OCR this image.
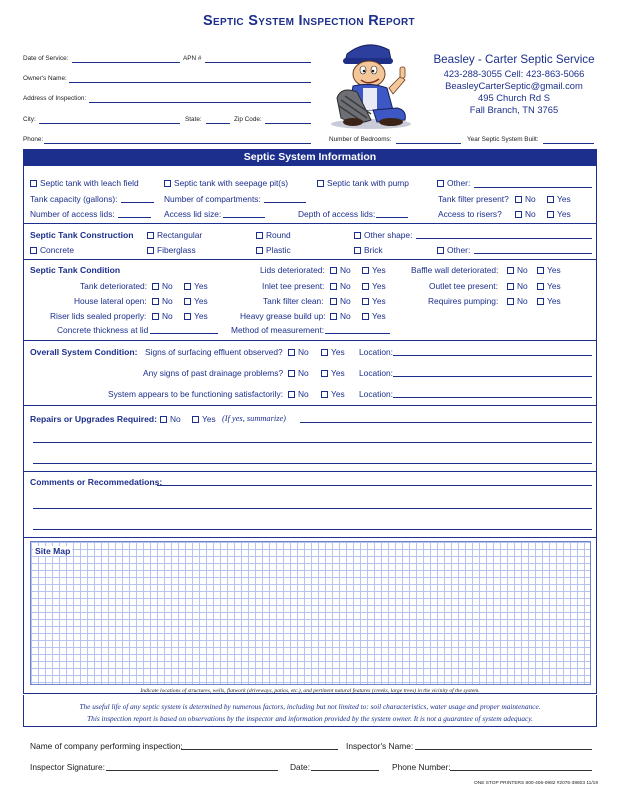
Septic System Inspection Report
Date of Service:	APN #
Owner's Name:
Address of Inspection:
City:	State:	Zip Code:
Phone:	Number of Bedrooms:	Year Septic System Built:
Beasley - Carter Septic Service
423-288-3055 Cell: 423-863-5066
BeasleyCarterSeptic@gmail.com
495 Church Rd S
Fall Branch, TN 3765
Septic System Information
Septic tank with leach field	Septic tank with seepage pit(s)	Septic tank with pump	Other:
Tank capacity (gallons):	Number of compartments:	Tank filter present?	No	Yes
Number of access lids:	Access lid size:	Depth of access lids:	Access to risers?	No	Yes
Septic Tank Construction	Rectangular	Round	Other shape:
Concrete	Fiberglass	Plastic	Brick	Other:
Septic Tank Condition	Lids deteriorated:	No	Yes	Baffle wall deteriorated:	No	Yes
Tank deteriorated:	No	Yes	Inlet tee present:	No	Yes	Outlet tee present:	No	Yes
House lateral open:	No	Yes	Tank filter clean:	No	Yes	Requires pumping:	No	Yes
Riser lids sealed properly:	No	Yes	Heavy grease build up:	No	Yes
Concrete thickness at lid	Method of measurement:
Overall System Condition: Signs of surfacing effluent observed?	No	Yes Location:
Any signs of past drainage problems?	No	Yes Location:
System appears to be functioning satisfactorily:	No	Yes Location:
Repairs or Upgrades Required:	No	Yes (If yes, summarize)
Comments or Recommedations:
Site Map
Indicate locations of structures, wells, flatwork (driveways, patios, etc.), and pertinent natural features (creeks, large trees) in the vicinity of the system.
The useful life of any septic system is determined by numerous factors, including but not limited to: soil characteristics, water usage and proper maintenance.
This inspection report is based on observations by the inspector and information provided by the system owner. It is not a guarantee of system adequacy.
Name of company performing inspection:	Inspector's Name:
Inspector Signature:	Date:	Phone Number:
ONE STOP PRINTERS 800-406-0982 #2076-38603 11/19
